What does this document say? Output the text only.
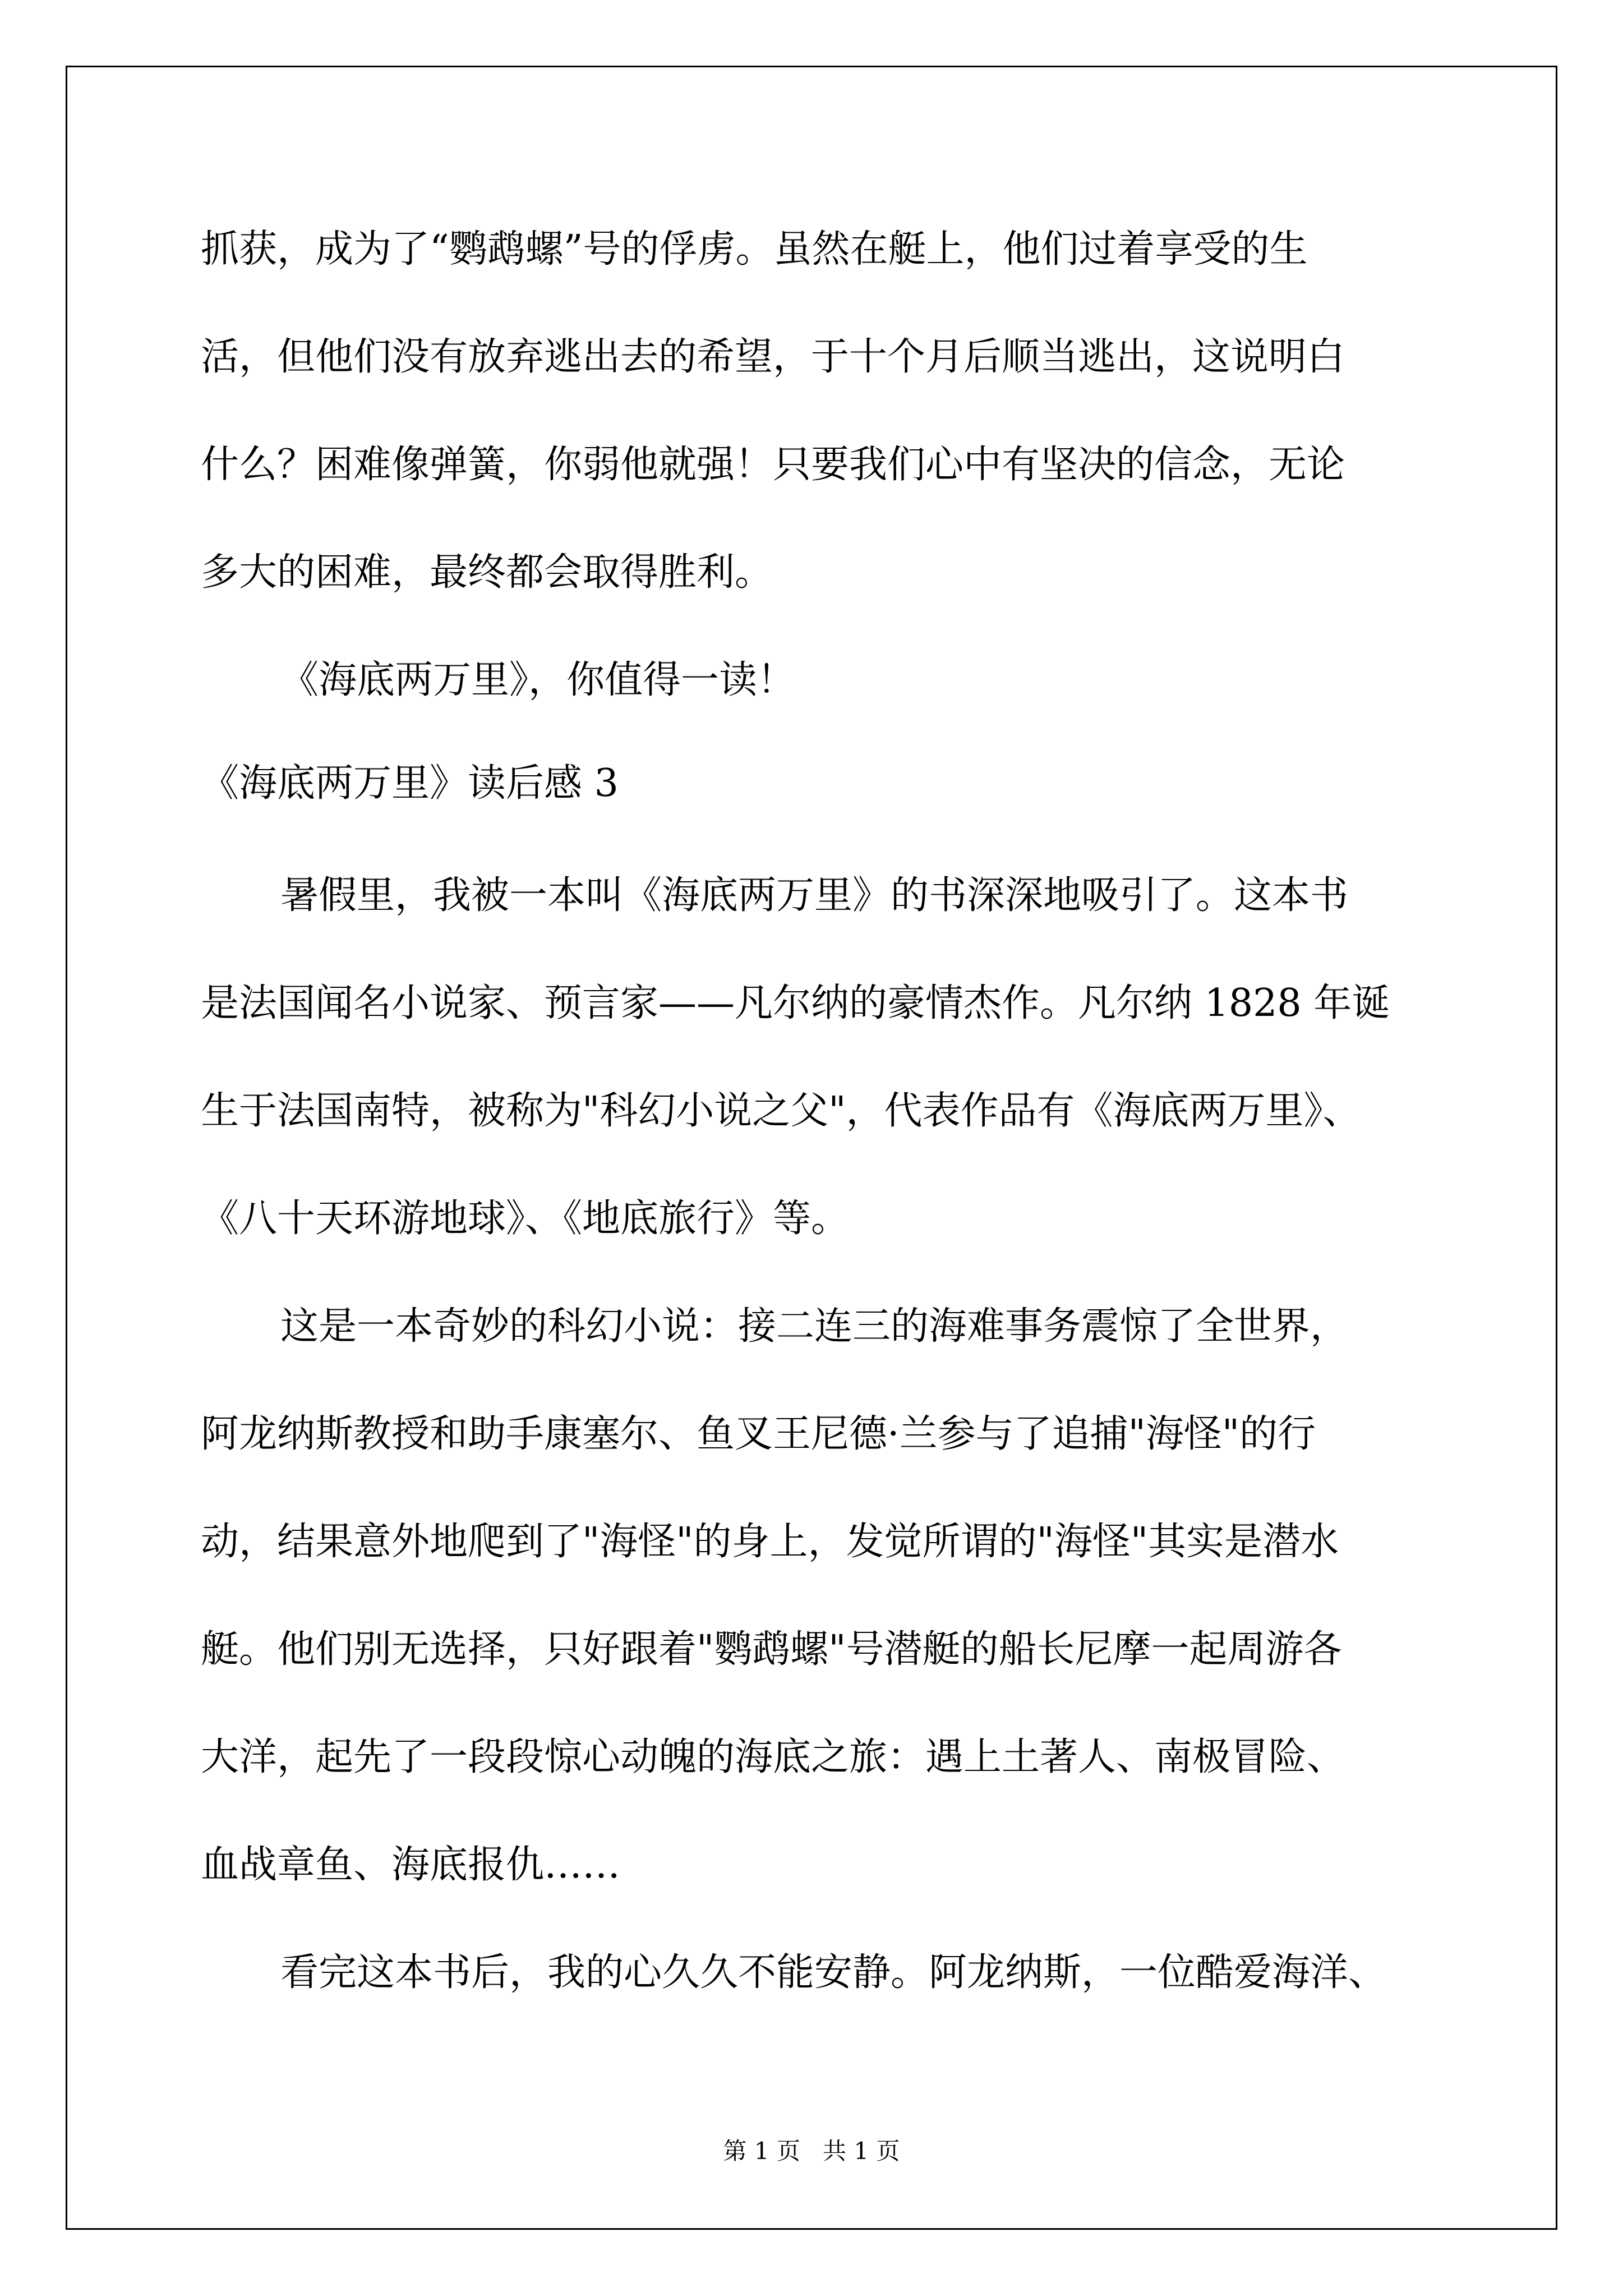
抓获，成为了“鹦鹉螺”号的俘虏。虽然在艇上，他们过着享受的生
活，但他们没有放弃逃出去的希望，于十个月后顺当逃出，这说明白
什么？困难像弹簧，你弱他就强！只要我们心中有坚决的信念，无论
多大的困难，最终都会取得胜利。
《海底两万里》，你值得一读！
《海底两万里》读后感 3
暑假里，我被一本叫《海底两万里》的书深深地吸引了。这本书
是法国闻名小说家、预言家——凡尔纳的豪情杰作。凡尔纳 1828 年诞
生于法国南特，被称为"科幻小说之父"，代表作品有《海底两万里》、
《八十天环游地球》、《地底旅行》等。
这是一本奇妙的科幻小说：接二连三的海难事务震惊了全世界，
阿龙纳斯教授和助手康塞尔、鱼叉王尼德·兰参与了追捕"海怪"的行
动，结果意外地爬到了"海怪"的身上，发觉所谓的"海怪"其实是潜水
艇。他们别无选择，只好跟着"鹦鹉螺"号潜艇的船长尼摩一起周游各
大洋，起先了一段段惊心动魄的海底之旅：遇上土著人、南极冒险、
血战章鱼、海底报仇……
看完这本书后，我的心久久不能安静。阿龙纳斯，一位酷爱海洋、
第 1 页   共 1 页
